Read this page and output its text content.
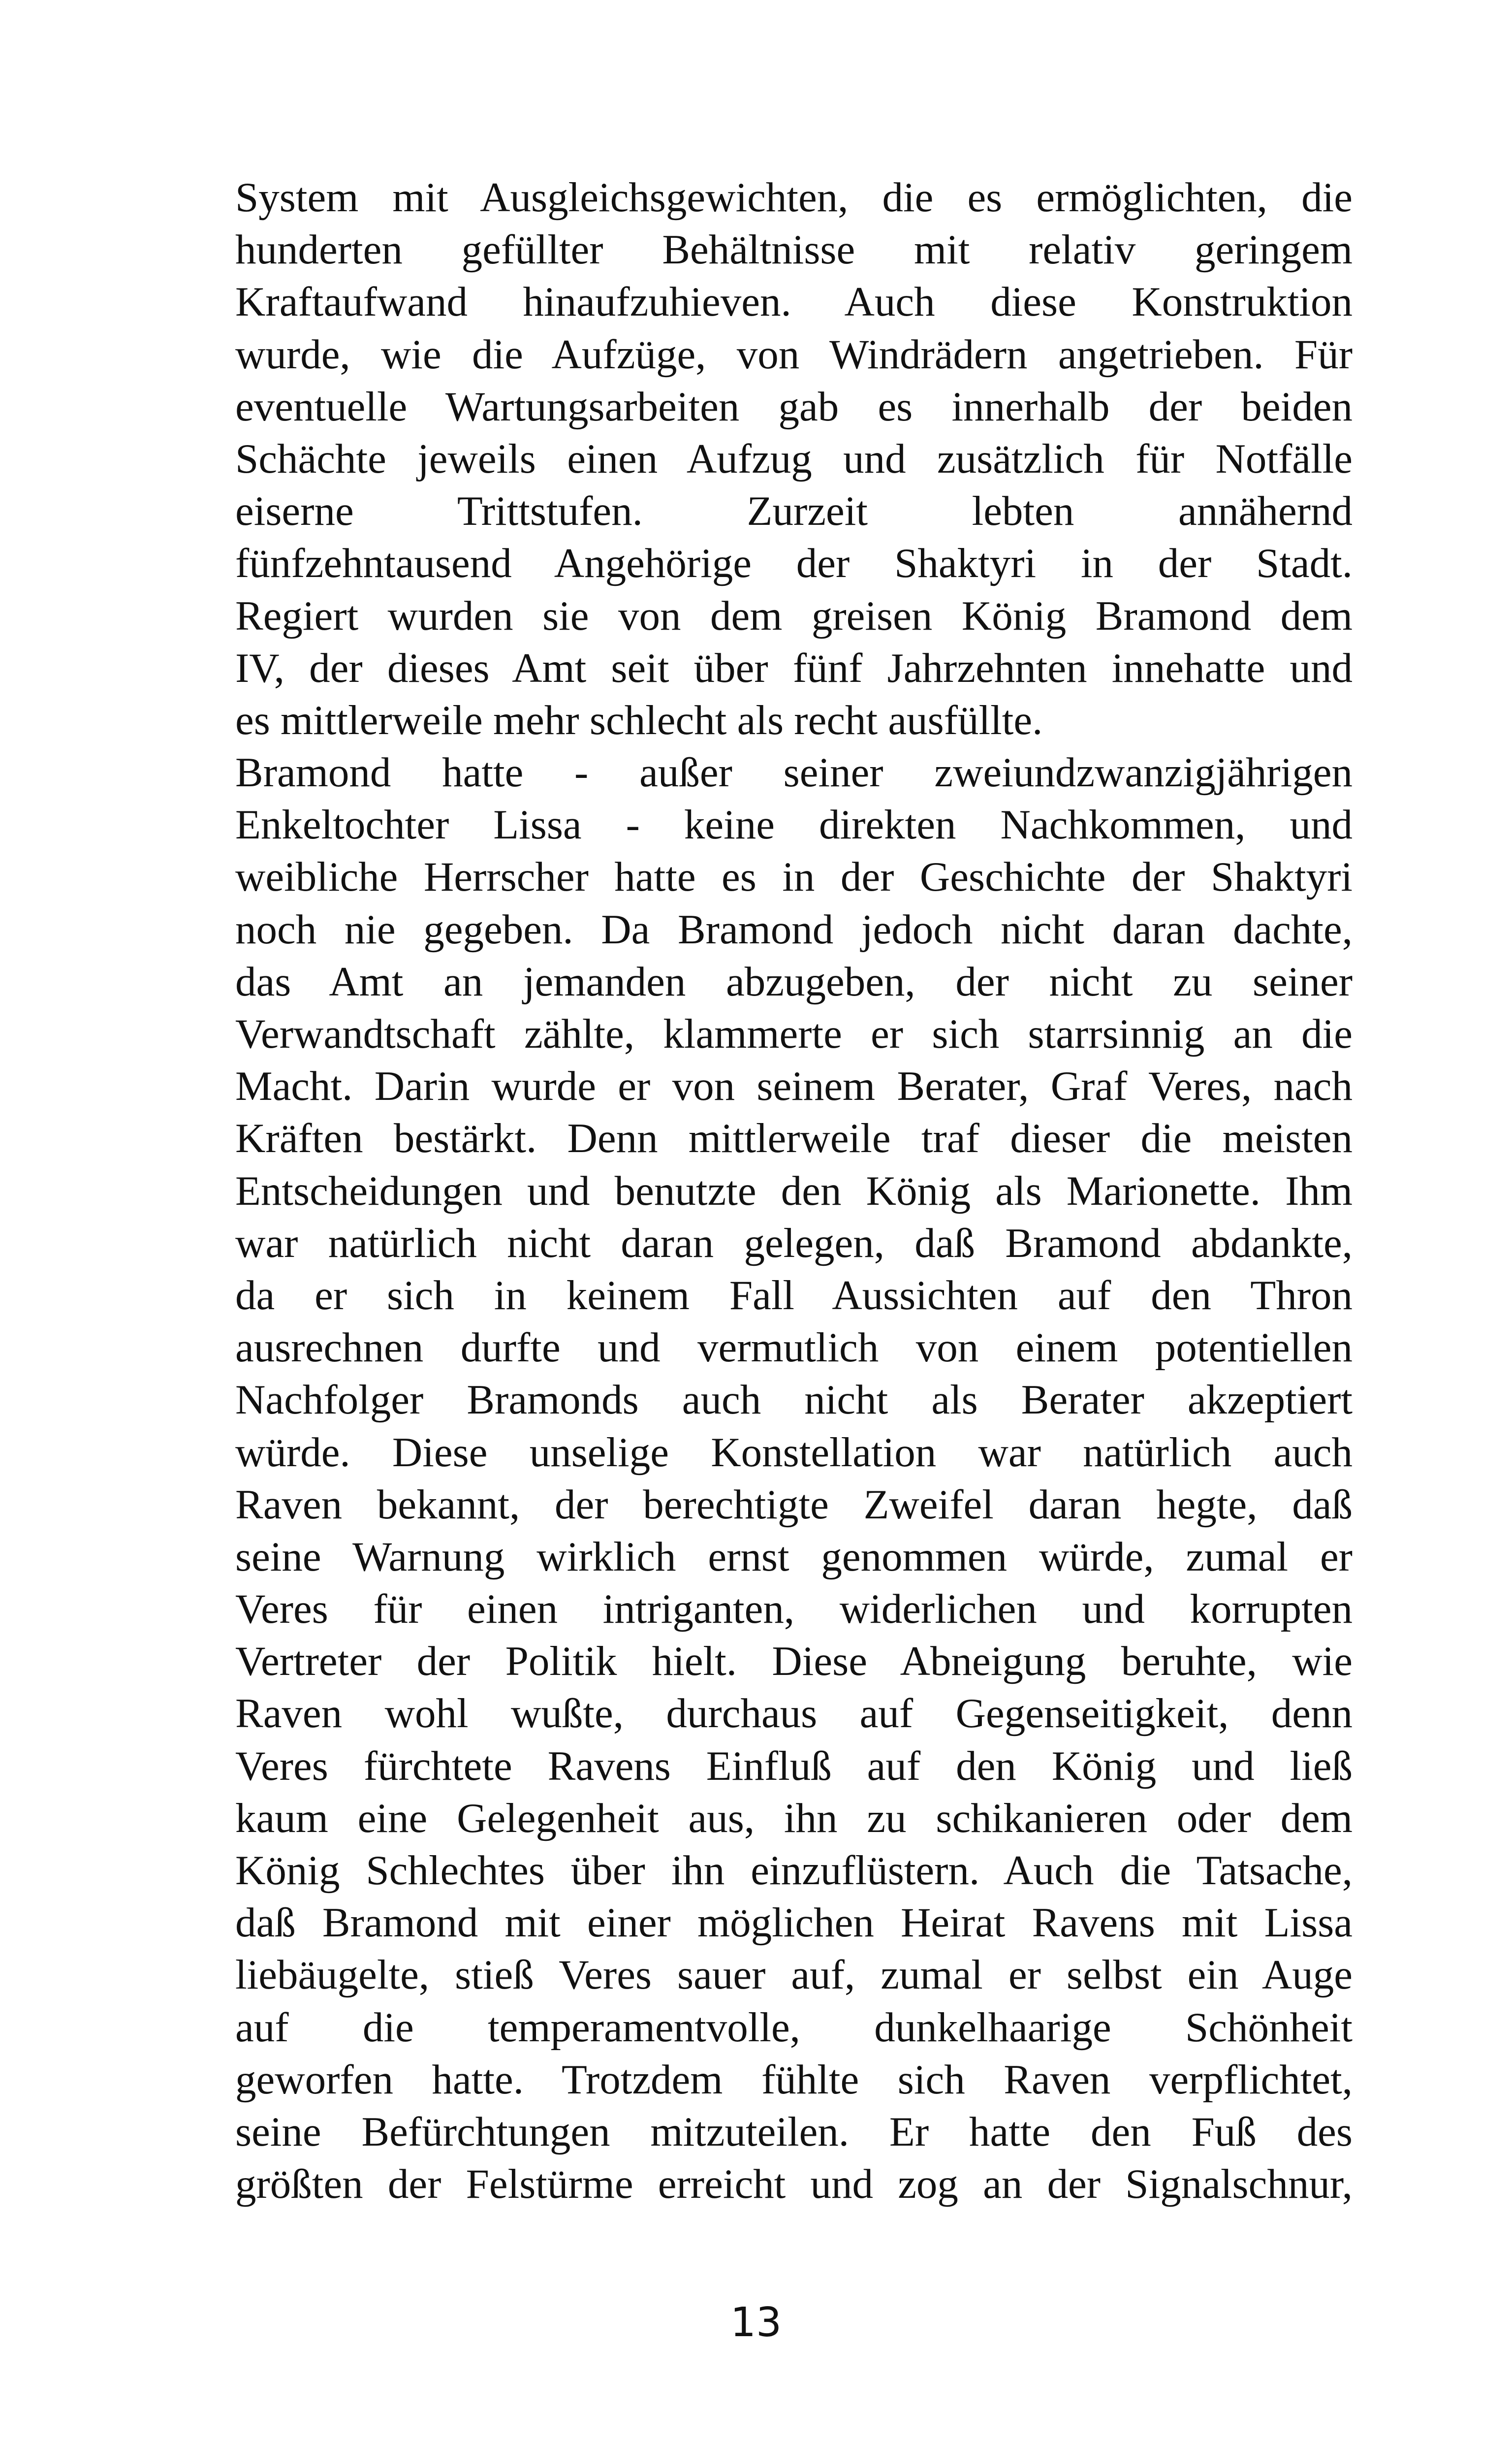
System mit Ausgleichsgewichten, die es ermöglichten, die
hunderten gefüllter Behältnisse mit relativ geringem
Kraftaufwand hinaufzuhieven. Auch diese Konstruktion
wurde, wie die Aufzüge, von Windrädern angetrieben. Für
eventuelle Wartungsarbeiten gab es innerhalb der beiden
Schächte jeweils einen Aufzug und zusätzlich für Notfälle
eiserne Trittstufen. Zurzeit lebten annähernd
fünfzehntausend Angehörige der Shaktyri in der Stadt.
Regiert wurden sie von dem greisen König Bramond dem
IV, der dieses Amt seit über fünf Jahrzehnten innehatte und
es mittlerweile mehr schlecht als recht ausfüllte.
Bramond hatte - außer seiner zweiundzwanzigjährigen
Enkeltochter Lissa - keine direkten Nachkommen, und
weibliche Herrscher hatte es in der Geschichte der Shaktyri
noch nie gegeben. Da Bramond jedoch nicht daran dachte,
das Amt an jemanden abzugeben, der nicht zu seiner
Verwandtschaft zählte, klammerte er sich starrsinnig an die
Macht. Darin wurde er von seinem Berater, Graf Veres, nach
Kräften bestärkt. Denn mittlerweile traf dieser die meisten
Entscheidungen und benutzte den König als Marionette. Ihm
war natürlich nicht daran gelegen, daß Bramond abdankte,
da er sich in keinem Fall Aussichten auf den Thron
ausrechnen durfte und vermutlich von einem potentiellen
Nachfolger Bramonds auch nicht als Berater akzeptiert
würde. Diese unselige Konstellation war natürlich auch
Raven bekannt, der berechtigte Zweifel daran hegte, daß
seine Warnung wirklich ernst genommen würde, zumal er
Veres für einen intriganten, widerlichen und korrupten
Vertreter der Politik hielt. Diese Abneigung beruhte, wie
Raven wohl wußte, durchaus auf Gegenseitigkeit, denn
Veres fürchtete Ravens Einfluß auf den König und ließ
kaum eine Gelegenheit aus, ihn zu schikanieren oder dem
König Schlechtes über ihn einzuflüstern. Auch die Tatsache,
daß Bramond mit einer möglichen Heirat Ravens mit Lissa
liebäugelte, stieß Veres sauer auf, zumal er selbst ein Auge
auf die temperamentvolle, dunkelhaarige Schönheit
geworfen hatte. Trotzdem fühlte sich Raven verpflichtet,
seine Befürchtungen mitzuteilen. Er hatte den Fuß des
größten der Felstürme erreicht und zog an der Signalschnur,
13
